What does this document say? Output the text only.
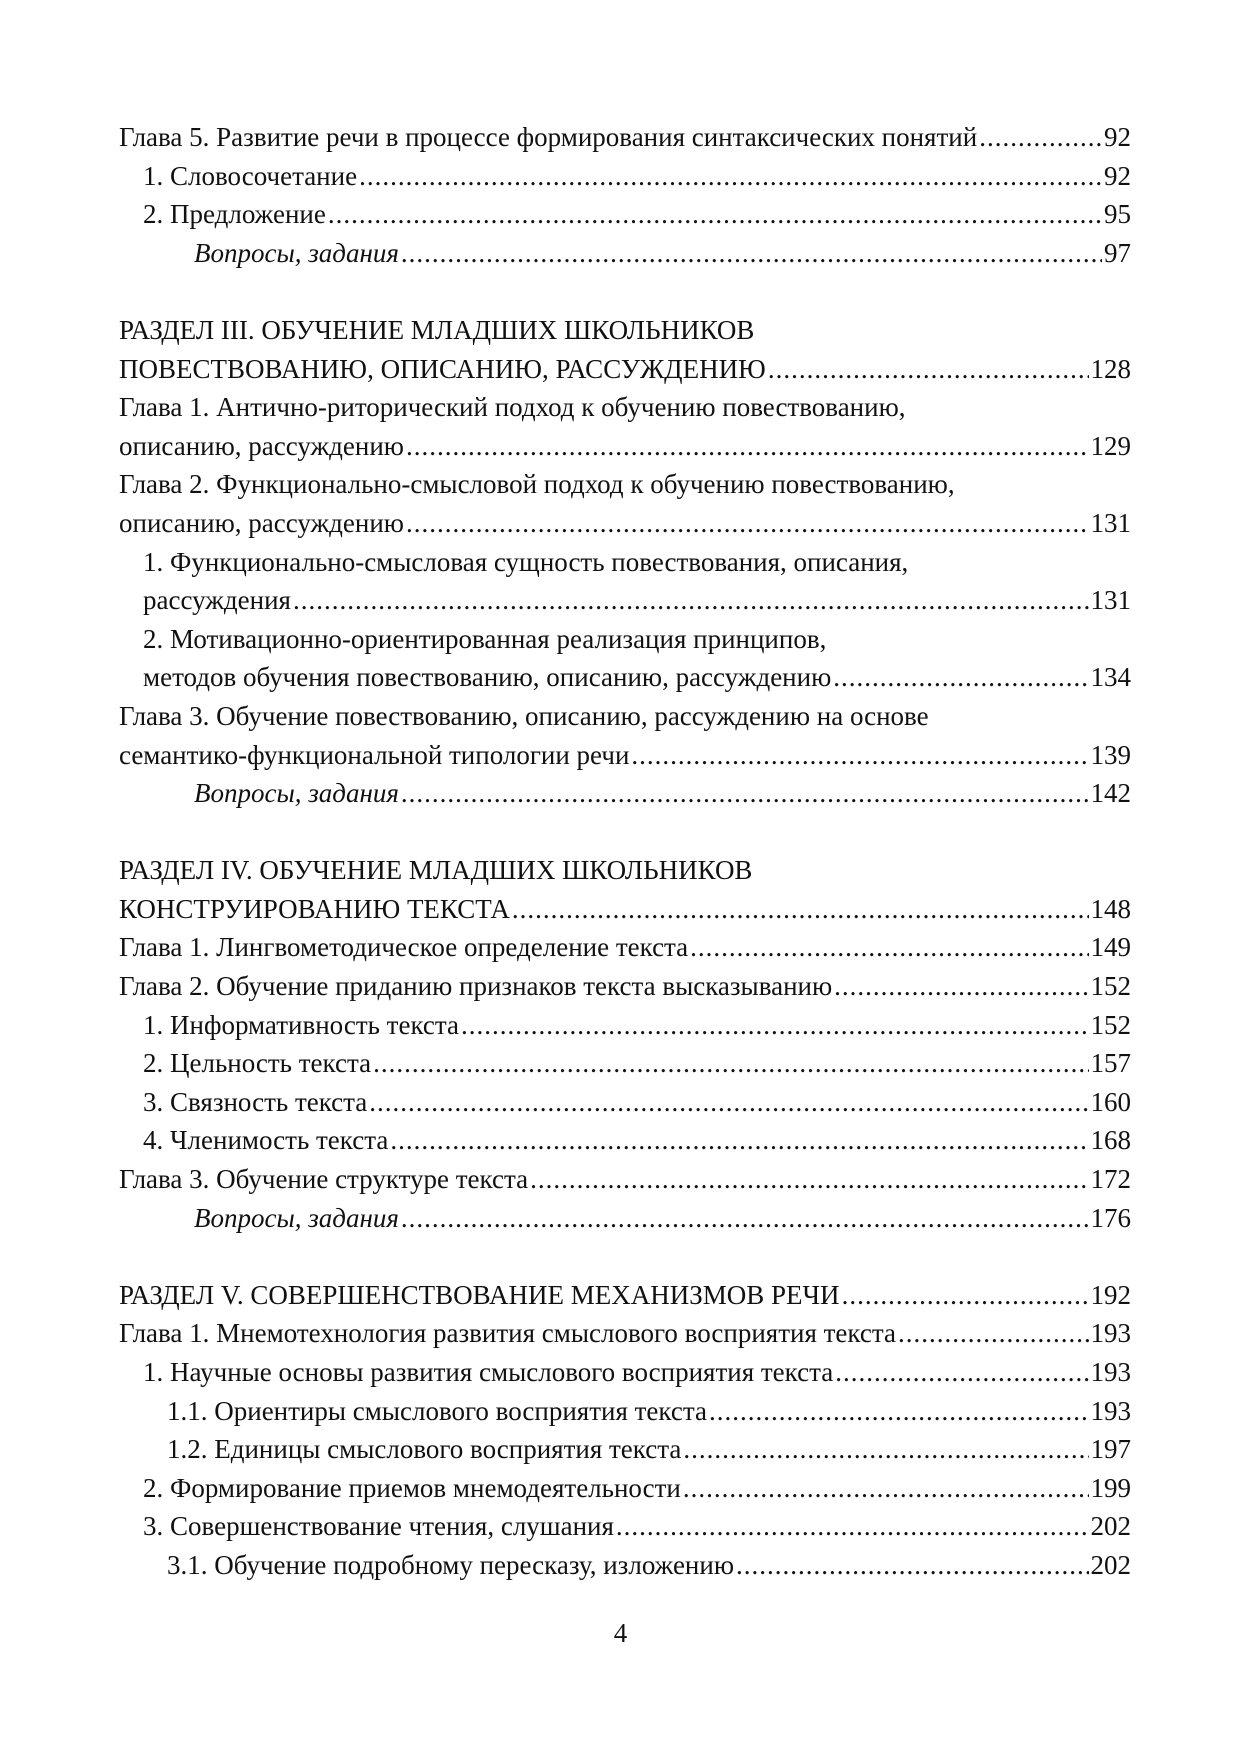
Глава 5. Развитие речи в процессе формирования синтаксических понятий .....	92
1. Словосочетание .....	92
2. Предложение .....	95
Вопросы, задания .....	97
РАЗДЕЛ III. ОБУЧЕНИЕ МЛАДШИХ ШКОЛЬНИКОВ
ПОВЕСТВОВАНИЮ, ОПИСАНИЮ, РАССУЖДЕНИЮ .....	128
Глава 1. Антично-риторический подход к обучению повествованию,
описанию, рассуждению .....	129
Глава 2. Функционально-смысловой подход к обучению повествованию,
описанию, рассуждению .....	131
1. Функционально-смысловая сущность повествования, описания,
рассуждения .....	131
2. Мотивационно-ориентированная реализация принципов,
методов обучения повествованию, описанию, рассуждению .....	134
Глава 3. Обучение повествованию, описанию, рассуждению на основе
семантико-функциональной типологии речи .....	139
Вопросы, задания .....	142
РАЗДЕЛ IV. ОБУЧЕНИЕ МЛАДШИХ ШКОЛЬНИКОВ
КОНСТРУИРОВАНИЮ ТЕКСТА .....	148
Глава 1. Лингвометодическое определение текста .....	149
Глава 2. Обучение приданию признаков текста высказыванию .....	152
1. Информативность текста .....	152
2. Цельность текста .....	157
3. Связность текста .....	160
4. Членимость текста .....	168
Глава 3. Обучение структуре текста .....	172
Вопросы, задания .....	176
РАЗДЕЛ V. СОВЕРШЕНСТВОВАНИЕ МЕХАНИЗМОВ РЕЧИ .....	192
Глава 1. Мнемотехнология развития смыслового восприятия текста .....	193
1. Научные основы развития смыслового восприятия текста .....	193
1.1. Ориентиры смыслового восприятия текста .....	193
1.2. Единицы смыслового восприятия текста .....	197
2. Формирование приемов мнемодеятельности .....	199
3. Совершенствование чтения, слушания .....	202
3.1. Обучение подробному пересказу, изложению .....	202
4
